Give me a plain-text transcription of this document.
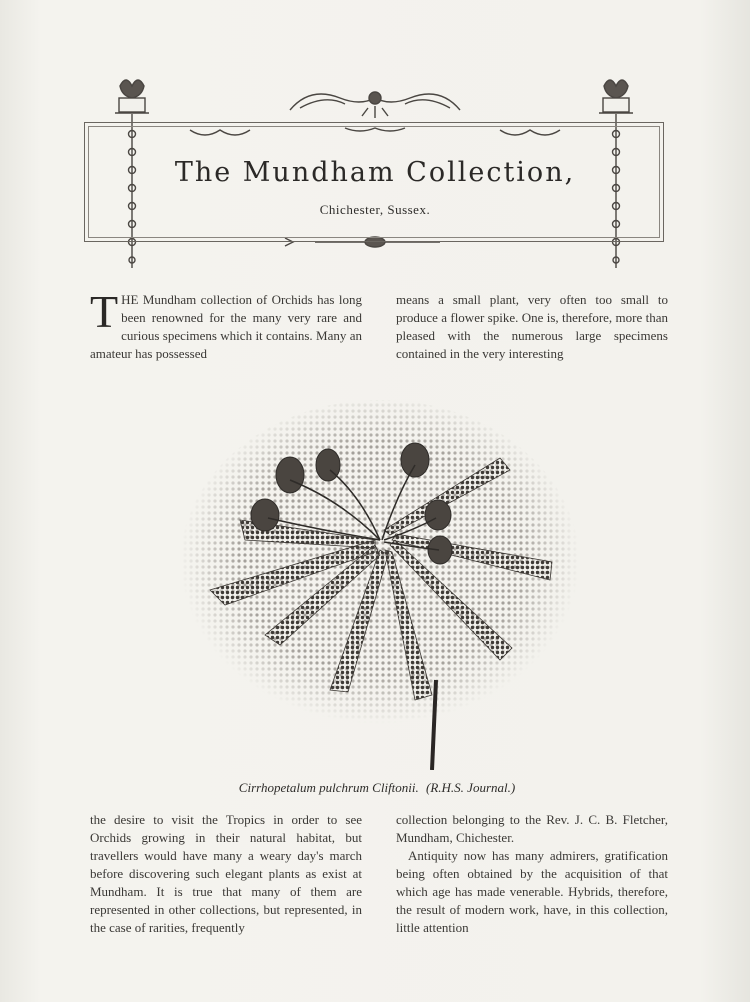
The Mundham Collection,
Chichester, Sussex.

THE Mundham collection of Orchids has long been renowned for the many very rare and curious specimens which it contains. Many an amateur has possessed

means a small plant, very often too small to produce a flower spike. One is, therefore, more than pleased with the numerous large specimens contained in the very interesting

Cirrhopetalum pulchrum Cliftonii. (R.H.S. Journal.)

the desire to visit the Tropics in order to see Orchids growing in their natural habitat, but travellers would have many a weary day's march before discovering such elegant plants as exist at Mundham. It is true that many of them are represented in other collections, but represented, in the case of rarities, frequently

collection belonging to the Rev. J. C. B. Fletcher, Mundham, Chichester.

Antiquity now has many admirers, gratification being often obtained by the acquisition of that which age has made venerable. Hybrids, therefore, the result of modern work, have, in this collection, little attention
